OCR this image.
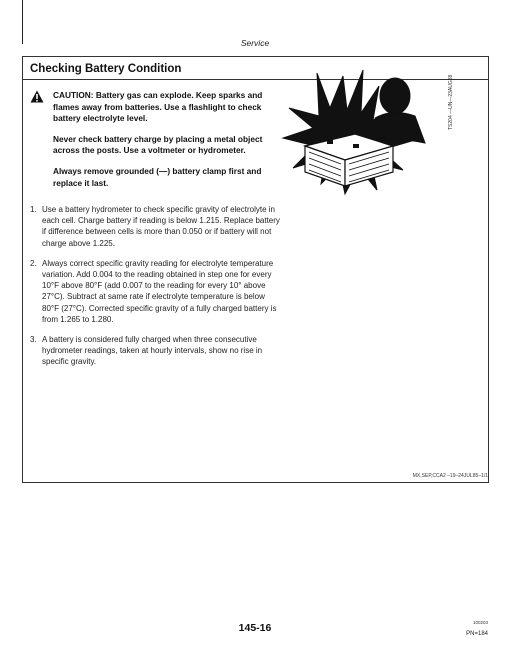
Service
Checking Battery Condition

CAUTION: Battery gas can explode. Keep sparks and flames away from batteries. Use a flashlight to check battery electrolyte level.

Never check battery charge by placing a metal object across the posts. Use a voltmeter or hydrometer.

Always remove grounded (—) battery clamp first and replace it last.

TS204 —UN—23AUG88
1. Use a battery hydrometer to check specific gravity of electrolyte in each cell. Charge battery if reading is below 1.215. Replace battery if difference between cells is more than 0.050 or if battery will not charge above 1.225.
2. Always correct specific gravity reading for electrolyte temperature variation. Add 0.004 to the reading obtained in step one for every 10°F above 80°F (add 0.007 to the reading for every 10° above 27°C). Subtract at same rate if electrolyte temperature is below 80°F (27°C). Corrected specific gravity of a fully charged battery is from 1.265 to 1.280.
3. A battery is considered fully charged when three consecutive hydrometer readings, taken at hourly intervals, show no rise in specific gravity.
MX,SEP,CCA2 –19–24JUL85–1/1
145-16	100203
PN=184
